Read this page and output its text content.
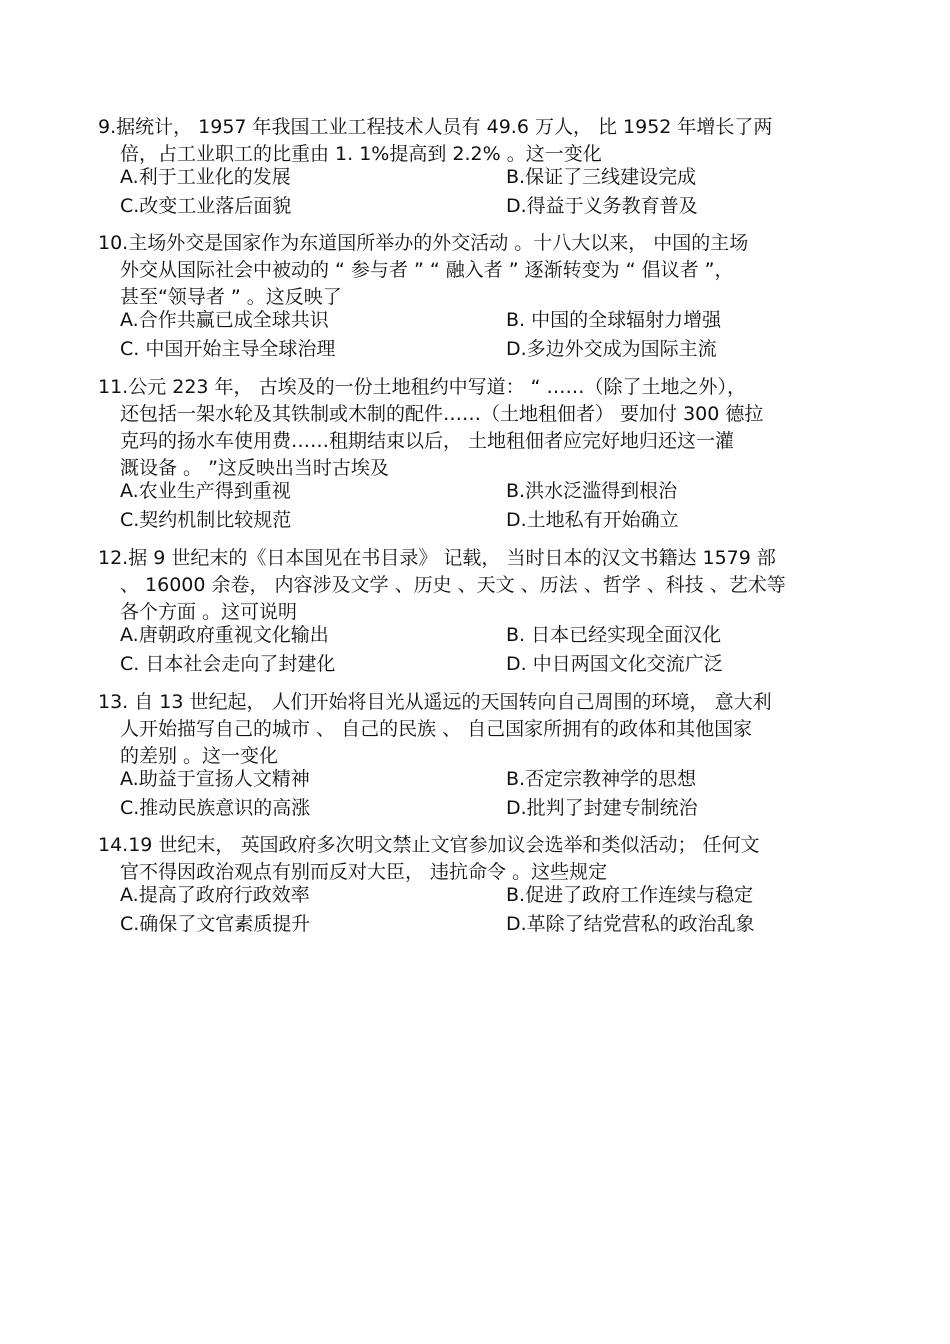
9.据统计， 1957 年我国工业工程技术人员有 49.6 万人， 比 1952 年增长了两
倍，占工业职工的比重由 1. 1%提高到 2.2% 。这一变化
A.利于工业化的发展	B.保证了三线建设完成
C.改变工业落后面貌	D.得益于义务教育普及
10.主场外交是国家作为东道国所举办的外交活动 。十八大以来， 中国的主场
外交从国际社会中被动的 “ 参与者 ” “ 融入者 ” 逐渐转变为 “ 倡议者 ”，
甚至“领导者 ” 。这反映了
A.合作共赢已成全球共识	B. 中国的全球辐射力增强
C. 中国开始主导全球治理	D.多边外交成为国际主流
11.公元 223 年， 古埃及的一份土地租约中写道： “ ……（除了土地之外），
还包括一架水轮及其铁制或木制的配件……（土地租佃者） 要加付 300 德拉
克玛的扬水车使用费……租期结束以后， 土地租佃者应完好地归还这一灌
溉设备 。 ”这反映出当时古埃及
A.农业生产得到重视	B.洪水泛滥得到根治
C.契约机制比较规范	D.土地私有开始确立
12.据 9 世纪末的《日本国见在书目录》 记载， 当时日本的汉文书籍达 1579 部
、 16000 余卷， 内容涉及文学 、历史 、天文 、历法 、哲学 、科技 、艺术等
各个方面 。这可说明
A.唐朝政府重视文化输出	B. 日本已经实现全面汉化
C. 日本社会走向了封建化	D. 中日两国文化交流广泛
13. 自 13 世纪起， 人们开始将目光从遥远的天国转向自己周围的环境， 意大利
人开始描写自己的城市 、 自己的民族 、 自己国家所拥有的政体和其他国家
的差别 。这一变化
A.助益于宣扬人文精神	B.否定宗教神学的思想
C.推动民族意识的高涨	D.批判了封建专制统治
14.19 世纪末， 英国政府多次明文禁止文官参加议会选举和类似活动； 任何文
官不得因政治观点有别而反对大臣， 违抗命令 。这些规定
A.提高了政府行政效率	B.促进了政府工作连续与稳定
C.确保了文官素质提升	D.革除了结党营私的政治乱象
